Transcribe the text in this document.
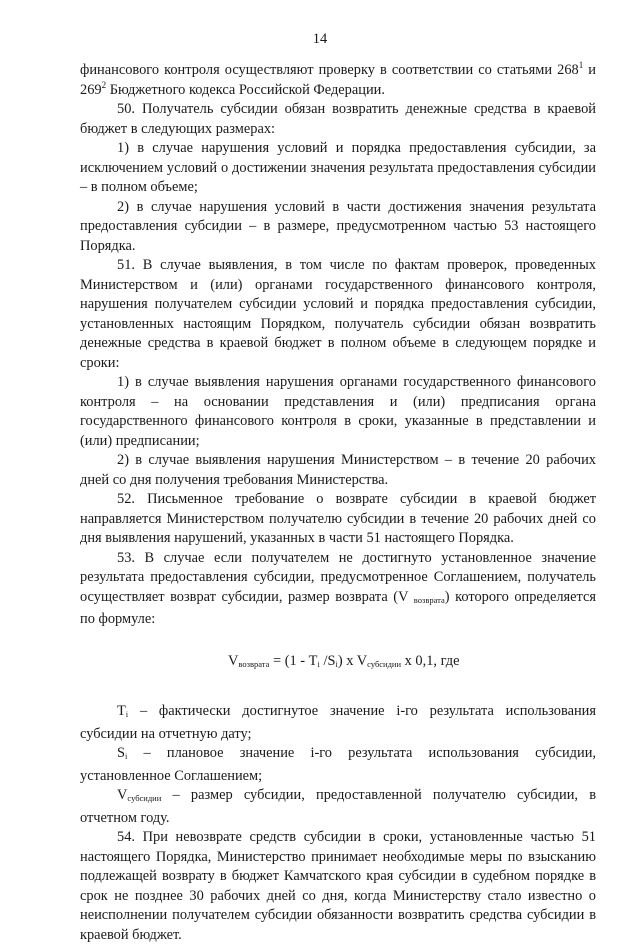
14

финансового контроля осуществляют проверку в соответствии со статьями $268^1$ и $269^2$ Бюджетного кодекса Российской Федерации.

50. Получатель субсидии обязан возвратить денежные средства в краевой бюджет в следующих размерах:

1) в случае нарушения условий и порядка предоставления субсидии, за исключением условий о достижении значения результата предоставления субсидии – в полном объеме;

2) в случае нарушения условий в части достижения значения результата предоставления субсидии – в размере, предусмотренном частью 53 настоящего Порядка.

51. В случае выявления, в том числе по фактам проверок, проведенных Министерством и (или) органами государственного финансового контроля, нарушения получателем субсидии условий и порядка предоставления субсидии, установленных настоящим Порядком, получатель субсидии обязан возвратить денежные средства в краевой бюджет в полном объеме в следующем порядке и сроки:

1) в случае выявления нарушения органами государственного финансового контроля – на основании представления и (или) предписания органа государственного финансового контроля в сроки, указанные в представлении и (или) предписании;

2) в случае выявления нарушения Министерством – в течение 20 рабочих дней со дня получения требования Министерства.

52. Письменное требование о возврате субсидии в краевой бюджет направляется Министерством получателю субсидии в течение 20 рабочих дней со дня выявления нарушений, указанных в части 51 настоящего Порядка.

53. В случае если получателем не достигнуто установленное значение результата предоставления субсидии, предусмотренное Соглашением, получатель осуществляет возврат субсидии, размер возврата (V возврата) которого определяется по формуле:

Vвозврата = (1 - Ti /Si) x Vсубсидии x 0,1, где

Ti – фактически достигнутое значение i-го результата использования субсидии на отчетную дату;

Si – плановое значение i-го результата использования субсидии, установленное Соглашением;

Vсубсидии – размер субсидии, предоставленной получателю субсидии, в отчетном году.

54. При невозврате средств субсидии в сроки, установленные частью 51 настоящего Порядка, Министерство принимает необходимые меры по взысканию подлежащей возврату в бюджет Камчатского края субсидии в судебном порядке в срок не позднее 30 рабочих дней со дня, когда Министерству стало известно о неисполнении получателем субсидии обязанности возвратить средства субсидии в краевой бюджет.
